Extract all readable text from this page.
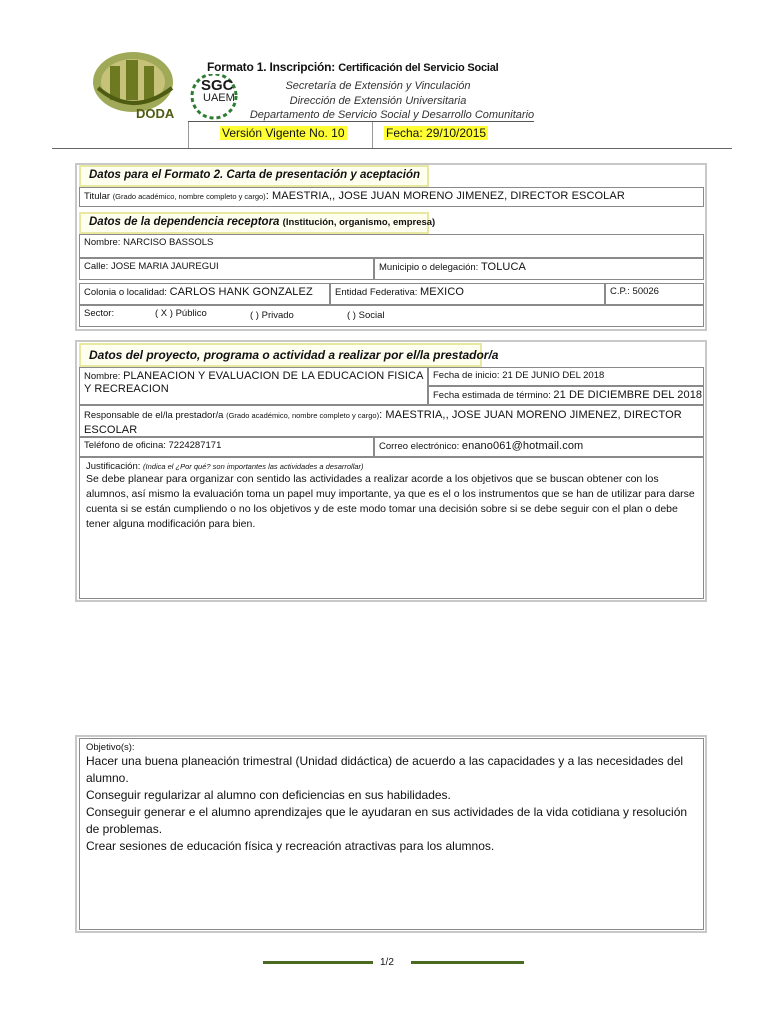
DODA
SGC
UAEM
Formato 1. Inscripción: Certificación del Servicio Social
Secretaría de Extensión y Vinculación
Dirección de Extensión Universitaria
Departamento de Servicio Social y Desarrollo Comunitario
Versión Vigente No. 10	Fecha: 29/10/2015
Datos para el Formato 2. Carta de presentación y aceptación
Titular (Grado académico, nombre completo y cargo): MAESTRIA,, JOSE JUAN MORENO JIMENEZ, DIRECTOR ESCOLAR
Datos de la dependencia receptora (Institución, organismo, empresa)
Nombre: NARCISO BASSOLS
Calle: JOSE MARIA JAUREGUI	Municipio o delegación: TOLUCA
Colonia o localidad: CARLOS HANK GONZALEZ	Entidad Federativa: MEXICO	C.P.: 50026
Sector:	( X ) Público	( ) Privado	( ) Social
Datos del proyecto, programa o actividad a realizar por el/la prestador/a
Nombre: PLANEACION Y EVALUACION DE LA EDUCACION FISICA Y RECREACION
Fecha de inicio: 21 DE JUNIO DEL 2018
Fecha estimada de término: 21 DE DICIEMBRE DEL 2018
Responsable de el/la prestador/a (Grado académico, nombre completo y cargo): MAESTRIA,, JOSE JUAN MORENO JIMENEZ, DIRECTOR ESCOLAR
Teléfono de oficina: 7224287171	Correo electrónico: enano061@hotmail.com
Justificación: (Indica el ¿Por qué? son importantes las actividades a desarrollar)
Se debe planear para organizar con sentido las actividades a realizar acorde a los objetivos que se buscan obtener con los alumnos, así mismo la evaluación toma un papel muy importante, ya que es el o los instrumentos que se han de utilizar para darse cuenta si se están cumpliendo o no los objetivos y de este modo tomar una decisión sobre si se debe seguir con el plan o debe tener alguna modificación para bien.
Objetivo(s):
Hacer una buena planeación trimestral (Unidad didáctica) de acuerdo a las capacidades y a las necesidades del alumno.
Conseguir regularizar al alumno con deficiencias en sus habilidades.
Conseguir generar e el alumno aprendizajes que le ayudaran en sus actividades de la vida cotidiana y resolución de problemas.
Crear sesiones de educación física y recreación atractivas para los alumnos.
1/2
